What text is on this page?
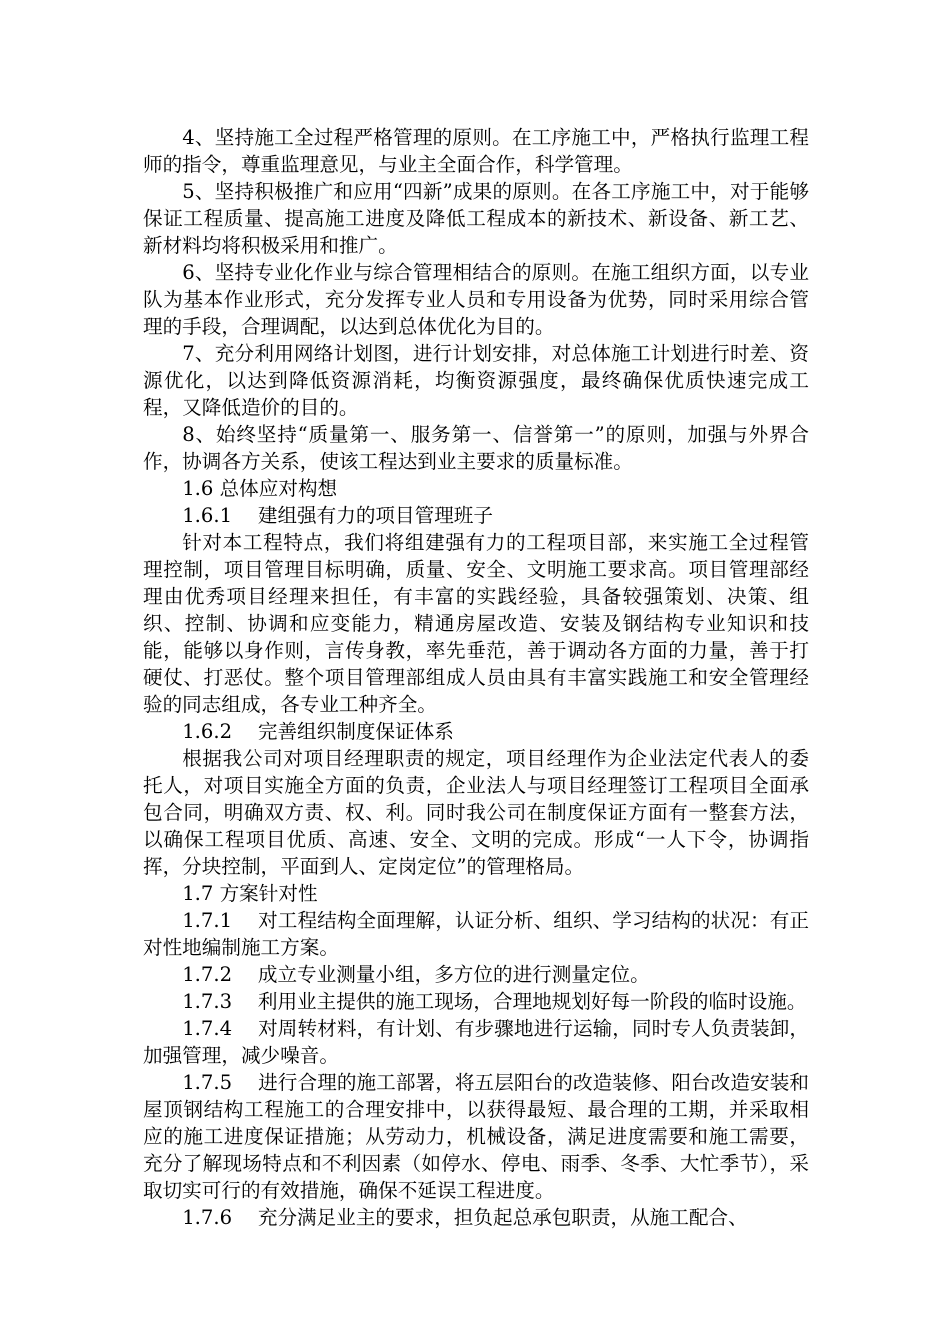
4、坚持施工全过程严格管理的原则。在工序施工中，严格执行监理工程师的指令，尊重监理意见，与业主全面合作，科学管理。

5、坚持积极推广和应用“四新”成果的原则。在各工序施工中，对于能够保证工程质量、提高施工进度及降低工程成本的新技术、新设备、新工艺、新材料均将积极采用和推广。

6、坚持专业化作业与综合管理相结合的原则。在施工组织方面，以专业队为基本作业形式，充分发挥专业人员和专用设备为优势，同时采用综合管理的手段，合理调配，以达到总体优化为目的。

7、充分利用网络计划图，进行计划安排，对总体施工计划进行时差、资源优化，以达到降低资源消耗，均衡资源强度，最终确保优质快速完成工程，又降低造价的目的。

8、始终坚持“质量第一、服务第一、信誉第一”的原则，加强与外界合作，协调各方关系，使该工程达到业主要求的质量标准。

1.6 总体应对构想

1.6.1　 建组强有力的项目管理班子

针对本工程特点，我们将组建强有力的工程项目部，来实施工全过程管理控制，项目管理目标明确，质量、安全、文明施工要求高。项目管理部经理由优秀项目经理来担任，有丰富的实践经验，具备较强策划、决策、组织、控制、协调和应变能力，精通房屋改造、安装及钢结构专业知识和技能，能够以身作则，言传身教，率先垂范，善于调动各方面的力量，善于打硬仗、打恶仗。整个项目管理部组成人员由具有丰富实践施工和安全管理经验的同志组成，各专业工种齐全。

1.6.2　 完善组织制度保证体系

根据我公司对项目经理职责的规定，项目经理作为企业法定代表人的委托人，对项目实施全方面的负责，企业法人与项目经理签订工程项目全面承包合同，明确双方责、权、利。同时我公司在制度保证方面有一整套方法，以确保工程项目优质、高速、安全、文明的完成。形成“一人下令，协调指挥，分块控制，平面到人、定岗定位”的管理格局。

1.7 方案针对性

1.7.1　 对工程结构全面理解，认证分析、组织、学习结构的状况：有正对性地编制施工方案。

1.7.2　 成立专业测量小组，多方位的进行测量定位。

1.7.3　 利用业主提供的施工现场，合理地规划好每一阶段的临时设施。

1.7.4　 对周转材料，有计划、有步骤地进行运输，同时专人负责装卸，加强管理，减少噪音。

1.7.5　 进行合理的施工部署，将五层阳台的改造装修、阳台改造安装和屋顶钢结构工程施工的合理安排中，以获得最短、最合理的工期，并采取相应的施工进度保证措施；从劳动力，机械设备，满足进度需要和施工需要，充分了解现场特点和不利因素（如停水、停电、雨季、冬季、大忙季节），采取切实可行的有效措施，确保不延误工程进度。

1.7.6　 充分满足业主的要求，担负起总承包职责，从施工配合、
